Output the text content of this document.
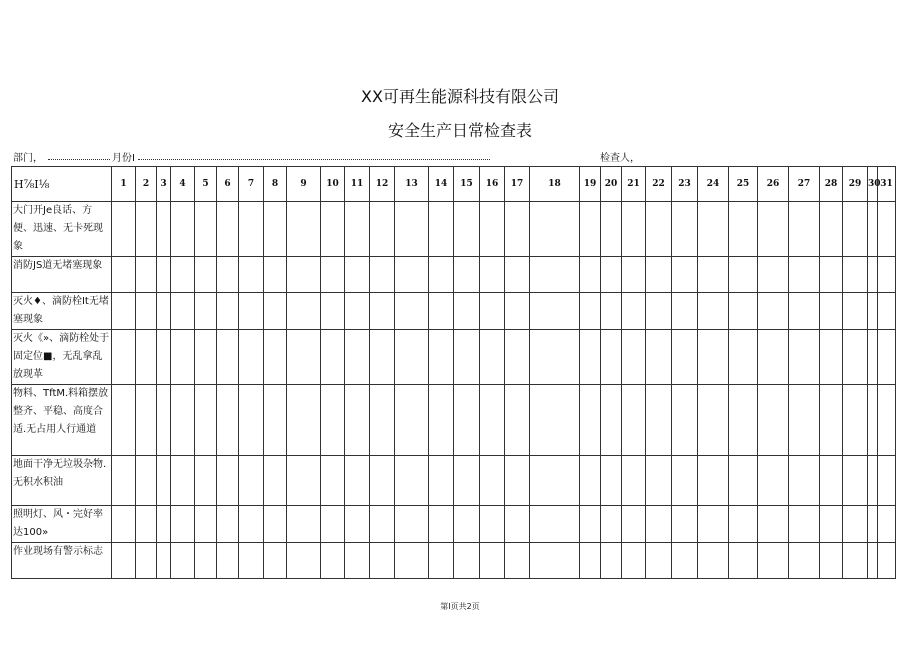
XX可再生能源科技有限公司
安全生产日常检查表
部门，	月份I	检查人，
H⅞I⅛	1	2	3	4	5	6	7	8	9	10	11	12	13	14	15	16	17	18	19	20	21	22	23	24	25	26	27	28	29	30	31
大门开Je良话、方便、迅速、无卡死现象																															
消防JS道无堵塞现象																															
灭火♦、滴防栓It无堵塞现象																															
灭火《»、滴防栓处于固定位■，无乱拿乱放现革																															
物料、TftM.料箱摆放整齐、平稳、高度合适.无占用人行通道																															
地面干净无垃圾杂物.无积水积油																															
照明灯、风・完好率达100»																															
作业现场有警示标志																															
第Ⅰ页共2页
